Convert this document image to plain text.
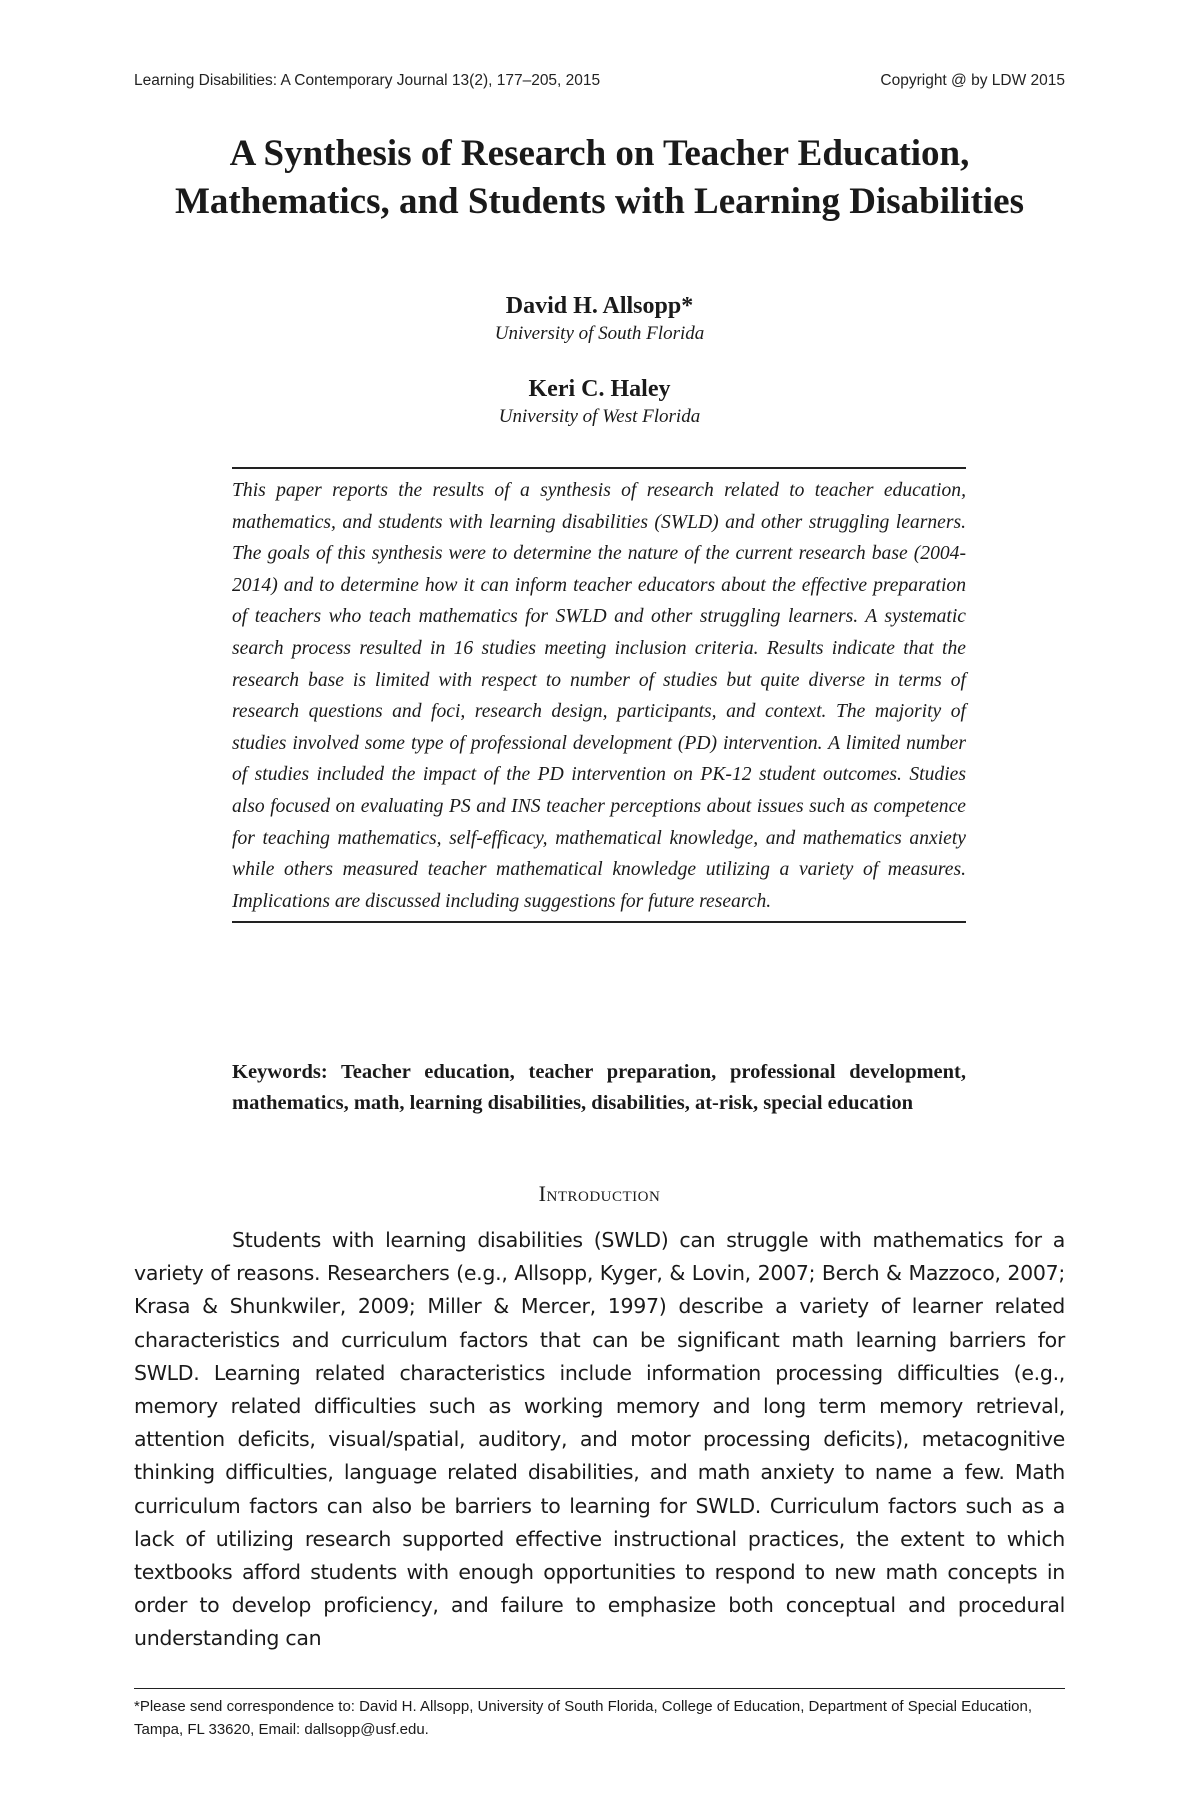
Learning Disabilities: A Contemporary Journal 13(2), 177–205, 2015	Copyright @ by LDW 2015
A Synthesis of Research on Teacher Education, Mathematics, and Students with Learning Disabilities
David H. Allsopp*
University of South Florida
Keri C. Haley
University of West Florida

This paper reports the results of a synthesis of research related to teacher education, mathematics, and students with learning disabilities (SWLD) and other struggling learners. The goals of this synthesis were to determine the nature of the current research base (2004-2014) and to determine how it can inform teacher educators about the effective preparation of teachers who teach mathematics for SWLD and other struggling learners. A systematic search process resulted in 16 studies meeting inclusion criteria. Results indicate that the research base is limited with respect to number of studies but quite diverse in terms of research questions and foci, research design, participants, and context. The majority of studies involved some type of professional development (PD) intervention. A limited number of studies included the impact of the PD intervention on PK-12 student outcomes. Studies also focused on evaluating PS and INS teacher perceptions about issues such as competence for teaching mathematics, self-efficacy, mathematical knowledge, and mathematics anxiety while others measured teacher mathematical knowledge utilizing a variety of measures. Implications are discussed including suggestions for future research.

Keywords: Teacher education, teacher preparation, professional development, mathematics, math, learning disabilities, disabilities, at-risk, special education
Introduction

Students with learning disabilities (SWLD) can struggle with mathematics for a variety of reasons. Researchers (e.g., Allsopp, Kyger, & Lovin, 2007; Berch & Mazzoco, 2007; Krasa & Shunkwiler, 2009; Miller & Mercer, 1997) describe a variety of learner related characteristics and curriculum factors that can be significant math learning barriers for SWLD. Learning related characteristics include information processing difficulties (e.g., memory related difficulties such as working memory and long term memory retrieval, attention deficits, visual/spatial, auditory, and motor processing deficits), metacognitive thinking difficulties, language related disabilities, and math anxiety to name a few. Math curriculum factors can also be barriers to learning for SWLD. Curriculum factors such as a lack of utilizing research supported effective instructional practices, the extent to which textbooks afford students with enough opportunities to respond to new math concepts in order to develop proficiency, and failure to emphasize both conceptual and procedural understanding can

*Please send correspondence to: David H. Allsopp, University of South Florida, College of Education, Department of Special Education, Tampa, FL 33620, Email: dallsopp@usf.edu.
